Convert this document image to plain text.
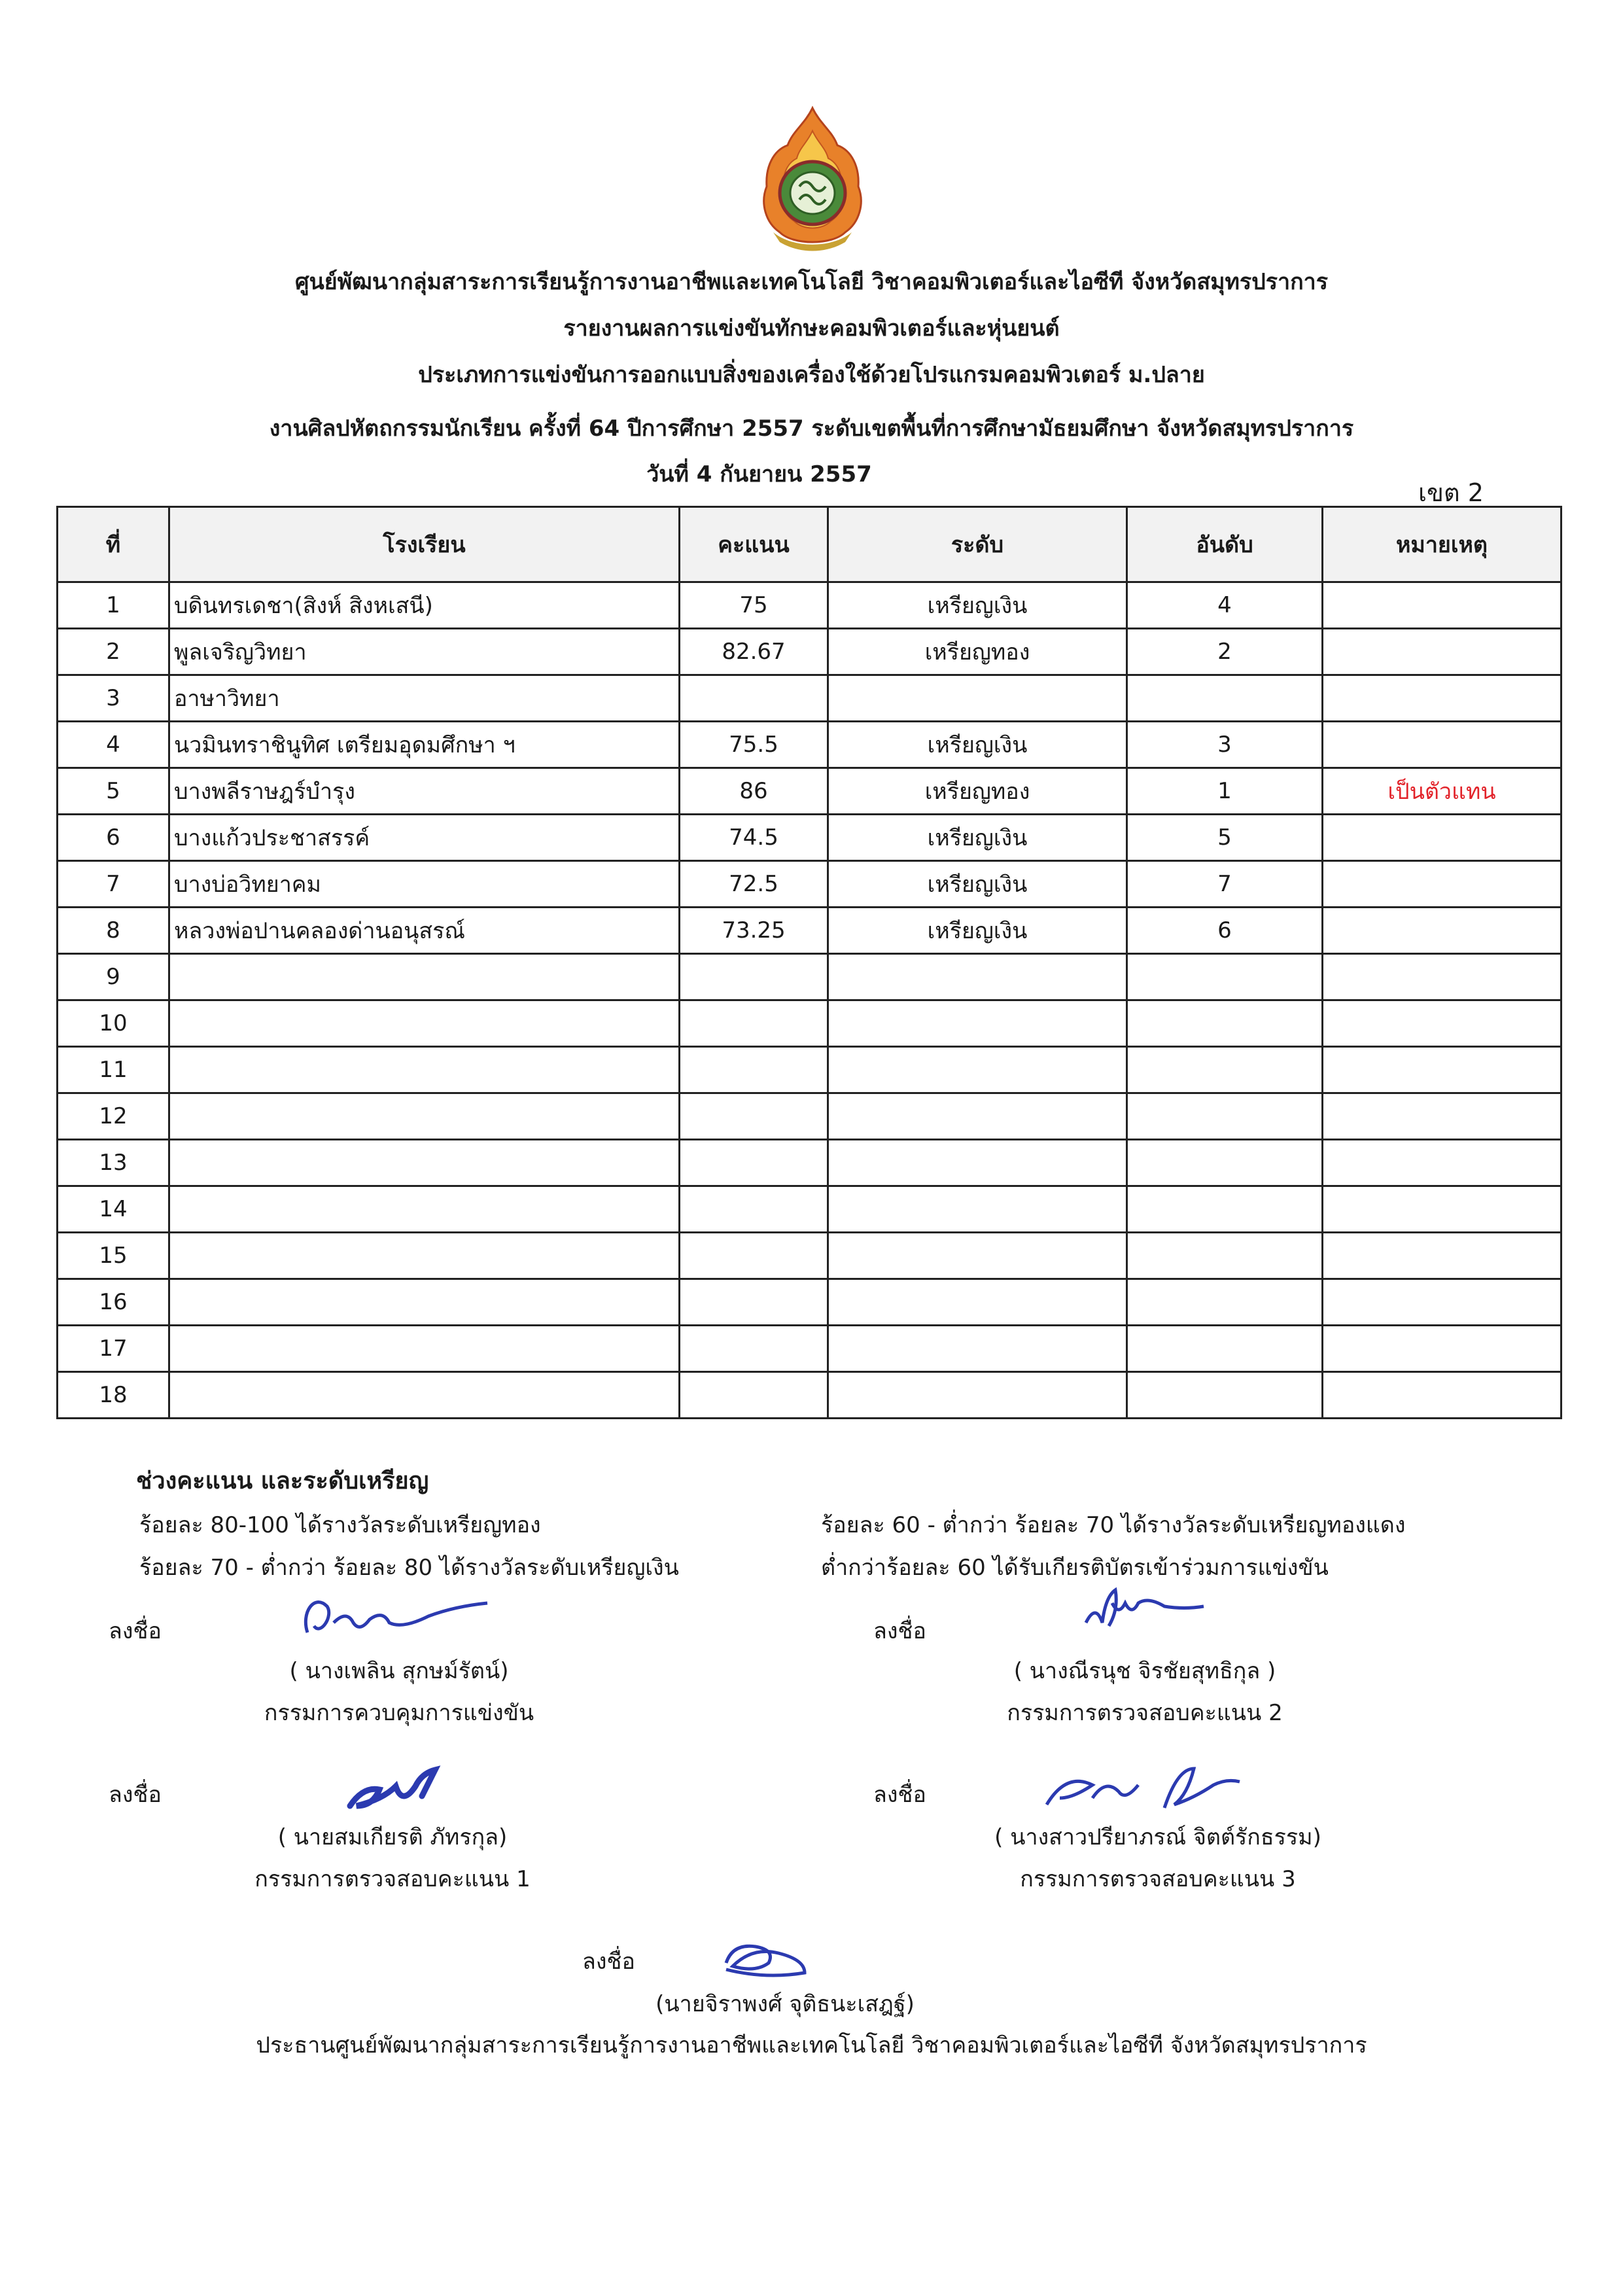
ศูนย์พัฒนากลุ่มสาระการเรียนรู้การงานอาชีพและเทคโนโลยี วิชาคอมพิวเตอร์และไอซีที จังหวัดสมุทรปราการ
รายงานผลการแข่งขันทักษะคอมพิวเตอร์และหุ่นยนต์
ประเภทการแข่งขันการออกแบบสิ่งของเครื่องใช้ด้วยโปรแกรมคอมพิวเตอร์ ม.ปลาย
งานศิลปหัตถกรรมนักเรียน ครั้งที่ 64 ปีการศึกษา 2557 ระดับเขตพื้นที่การศึกษามัธยมศึกษา จังหวัดสมุทรปราการ
วันที่ 4 กันยายน 2557
เขต 2
ที่	โรงเรียน	คะแนน	ระดับ	อันดับ	หมายเหตุ
1	บดินทรเดชา(สิงห์ สิงหเสนี)	75	เหรียญเงิน	4	
2	พูลเจริญวิทยา	82.67	เหรียญทอง	2	
3	อาษาวิทยา				
4	นวมินทราชินูทิศ เตรียมอุดมศึกษา ฯ	75.5	เหรียญเงิน	3	
5	บางพลีราษฎร์บำรุง	86	เหรียญทอง	1	เป็นตัวแทน
6	บางแก้วประชาสรรค์	74.5	เหรียญเงิน	5	
7	บางบ่อวิทยาคม	72.5	เหรียญเงิน	7	
8	หลวงพ่อปานคลองด่านอนุสรณ์	73.25	เหรียญเงิน	6	
9					
10					
11					
12					
13					
14					
15					
16					
17					
18					
ช่วงคะแนน และระดับเหรียญ
ร้อยละ 80-100 ได้รางวัลระดับเหรียญทอง
ร้อยละ 70 - ต่ำกว่า ร้อยละ 80 ได้รางวัลระดับเหรียญเงิน
ร้อยละ 60 - ต่ำกว่า ร้อยละ 70 ได้รางวัลระดับเหรียญทองแดง
ต่ำกว่าร้อยละ 60 ได้รับเกียรติบัตรเข้าร่วมการแข่งขัน
ลงชื่อ
( นางเพลิน สุกษม์รัตน์)
กรรมการควบคุมการแข่งขัน
ลงชื่อ
( นางณีรนุช จิรชัยสุทธิกุล )
กรรมการตรวจสอบคะแนน 2
ลงชื่อ
( นายสมเกียรติ ภัทรกุล)
กรรมการตรวจสอบคะแนน 1
ลงชื่อ
( นางสาวปรียาภรณ์ จิตต์รักธรรม)
กรรมการตรวจสอบคะแนน 3
ลงชื่อ
(นายจิราพงศ์ จุติธนะเสฎฐ์)
ประธานศูนย์พัฒนากลุ่มสาระการเรียนรู้การงานอาชีพและเทคโนโลยี วิชาคอมพิวเตอร์และไอซีที จังหวัดสมุทรปราการ
